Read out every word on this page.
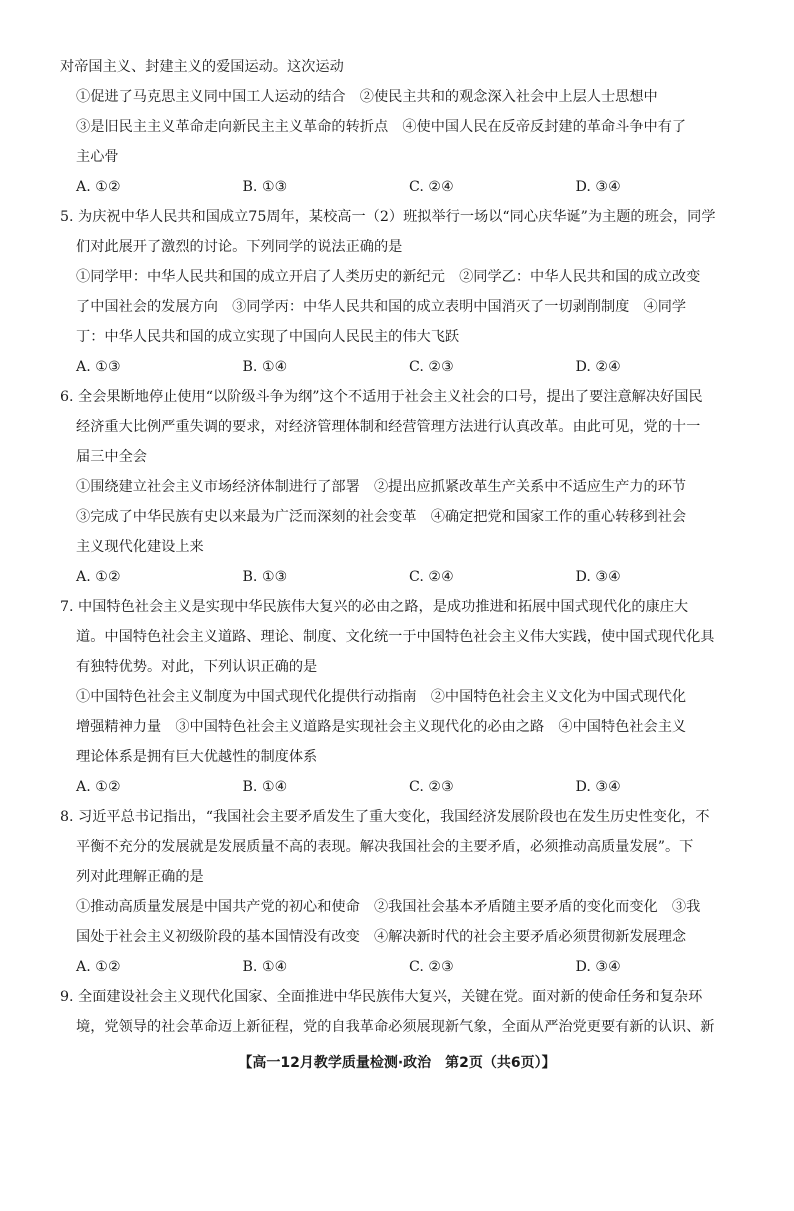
对帝国主义、封建主义的爱国运动。这次运动
①促进了马克思主义同中国工人运动的结合　②使民主共和的观念深入社会中上层人士思想中
③是旧民主主义革命走向新民主主义革命的转折点　④使中国人民在反帝反封建的革命斗争中有了
主心骨
A. ①②	B. ①③	C. ②④	D. ③④
5. 为庆祝中华人民共和国成立75周年，某校高一（2）班拟举行一场以“同心庆华诞”为主题的班会，同学
们对此展开了激烈的讨论。下列同学的说法正确的是
①同学甲：中华人民共和国的成立开启了人类历史的新纪元　②同学乙：中华人民共和国的成立改变
了中国社会的发展方向　③同学丙：中华人民共和国的成立表明中国消灭了一切剥削制度　④同学
丁：中华人民共和国的成立实现了中国向人民民主的伟大飞跃
A. ①③	B. ①④	C. ②③	D. ②④
6. 全会果断地停止使用“以阶级斗争为纲”这个不适用于社会主义社会的口号，提出了要注意解决好国民
经济重大比例严重失调的要求，对经济管理体制和经营管理方法进行认真改革。由此可见，党的十一
届三中全会
①围绕建立社会主义市场经济体制进行了部署　②提出应抓紧改革生产关系中不适应生产力的环节
③完成了中华民族有史以来最为广泛而深刻的社会变革　④确定把党和国家工作的重心转移到社会
主义现代化建设上来
A. ①②	B. ①③	C. ②④	D. ③④
7. 中国特色社会主义是实现中华民族伟大复兴的必由之路，是成功推进和拓展中国式现代化的康庄大
道。中国特色社会主义道路、理论、制度、文化统一于中国特色社会主义伟大实践，使中国式现代化具
有独特优势。对此，下列认识正确的是
①中国特色社会主义制度为中国式现代化提供行动指南　②中国特色社会主义文化为中国式现代化
增强精神力量　③中国特色社会主义道路是实现社会主义现代化的必由之路　④中国特色社会主义
理论体系是拥有巨大优越性的制度体系
A. ①②	B. ①④	C. ②③	D. ③④
8. 习近平总书记指出，“我国社会主要矛盾发生了重大变化，我国经济发展阶段也在发生历史性变化，不
平衡不充分的发展就是发展质量不高的表现。解决我国社会的主要矛盾，必须推动高质量发展”。下
列对此理解正确的是
①推动高质量发展是中国共产党的初心和使命　②我国社会基本矛盾随主要矛盾的变化而变化　③我
国处于社会主义初级阶段的基本国情没有改变　④解决新时代的社会主要矛盾必须贯彻新发展理念
A. ①②	B. ①④	C. ②③	D. ③④
9. 全面建设社会主义现代化国家、全面推进中华民族伟大复兴，关键在党。面对新的使命任务和复杂环
境，党领导的社会革命迈上新征程，党的自我革命必须展现新气象，全面从严治党更要有新的认识、新
【高一12月教学质量检测·政治　第2页（共6页）】
